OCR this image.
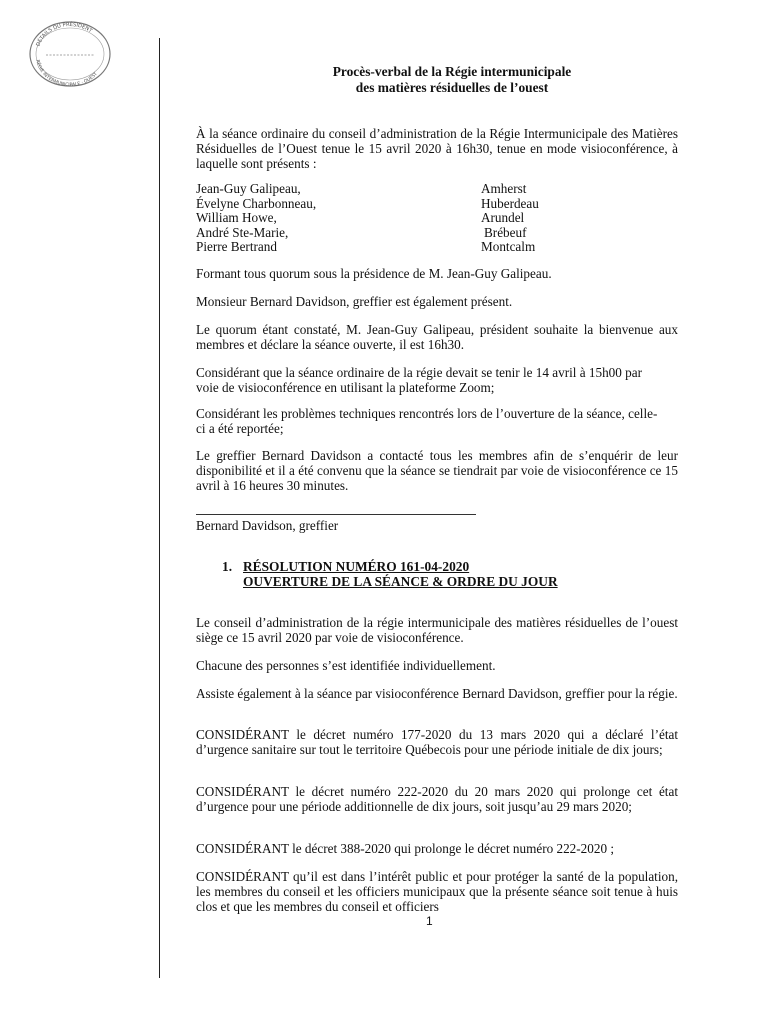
DÉTAILS DU PRÉSIDENT
RÉGIE INTERMUNICIPALE · OUEST	Procès-verbal de la Régie intermunicipale
des matières résiduelles de l’ouest
À la séance ordinaire du conseil d’administration de la Régie Intermunicipale des Matières Résiduelles de l’Ouest tenue le 15 avril 2020 à 16h30, tenue en mode visioconférence, à laquelle sont présents :
Jean-Guy Galipeau,	Amherst
Évelyne Charbonneau,	Huberdeau
William Howe,	Arundel
André Ste-Marie,	Brébeuf
Pierre Bertrand	Montcalm
Formant tous quorum sous la présidence de M. Jean-Guy Galipeau.
Monsieur Bernard Davidson, greffier est également présent.
Le quorum étant constaté, M. Jean-Guy Galipeau, président souhaite la bienvenue aux membres et déclare la séance ouverte, il est 16h30.
Considérant que la séance ordinaire de la régie devait se tenir le 14 avril à 15h00 par voie de visioconférence en utilisant la plateforme Zoom;
Considérant les problèmes techniques rencontrés lors de l’ouverture de la séance, celle-ci a été reportée;
Le greffier Bernard Davidson a contacté tous les membres afin de s’enquérir de leur disponibilité et il a été convenu que la séance se tiendrait par voie de visioconférence ce 15 avril à 16 heures 30 minutes.
Bernard Davidson, greffier
1. RÉSOLUTION NUMÉRO 161-04-2020
OUVERTURE DE LA SÉANCE & ORDRE DU JOUR
Le conseil d’administration de la régie intermunicipale des matières résiduelles de l’ouest siège ce 15 avril 2020 par voie de visioconférence.
Chacune des personnes s’est identifiée individuellement.
Assiste également à la séance par visioconférence Bernard Davidson, greffier pour la régie.
CONSIDÉRANT le décret numéro 177-2020 du 13 mars 2020 qui a déclaré l’état d’urgence sanitaire sur tout le territoire Québecois pour une période initiale de dix jours;
CONSIDÉRANT le décret numéro 222-2020 du 20 mars 2020 qui prolonge cet état d’urgence pour une période additionnelle de dix jours, soit jusqu’au 29 mars 2020;
CONSIDÉRANT le décret 388-2020 qui prolonge le décret numéro 222-2020 ;
CONSIDÉRANT qu’il est dans l’intérêt public et pour protéger la santé de la population, les membres du conseil et les officiers municipaux que la présente séance soit tenue à huis clos et que les membres du conseil et officiers
1
